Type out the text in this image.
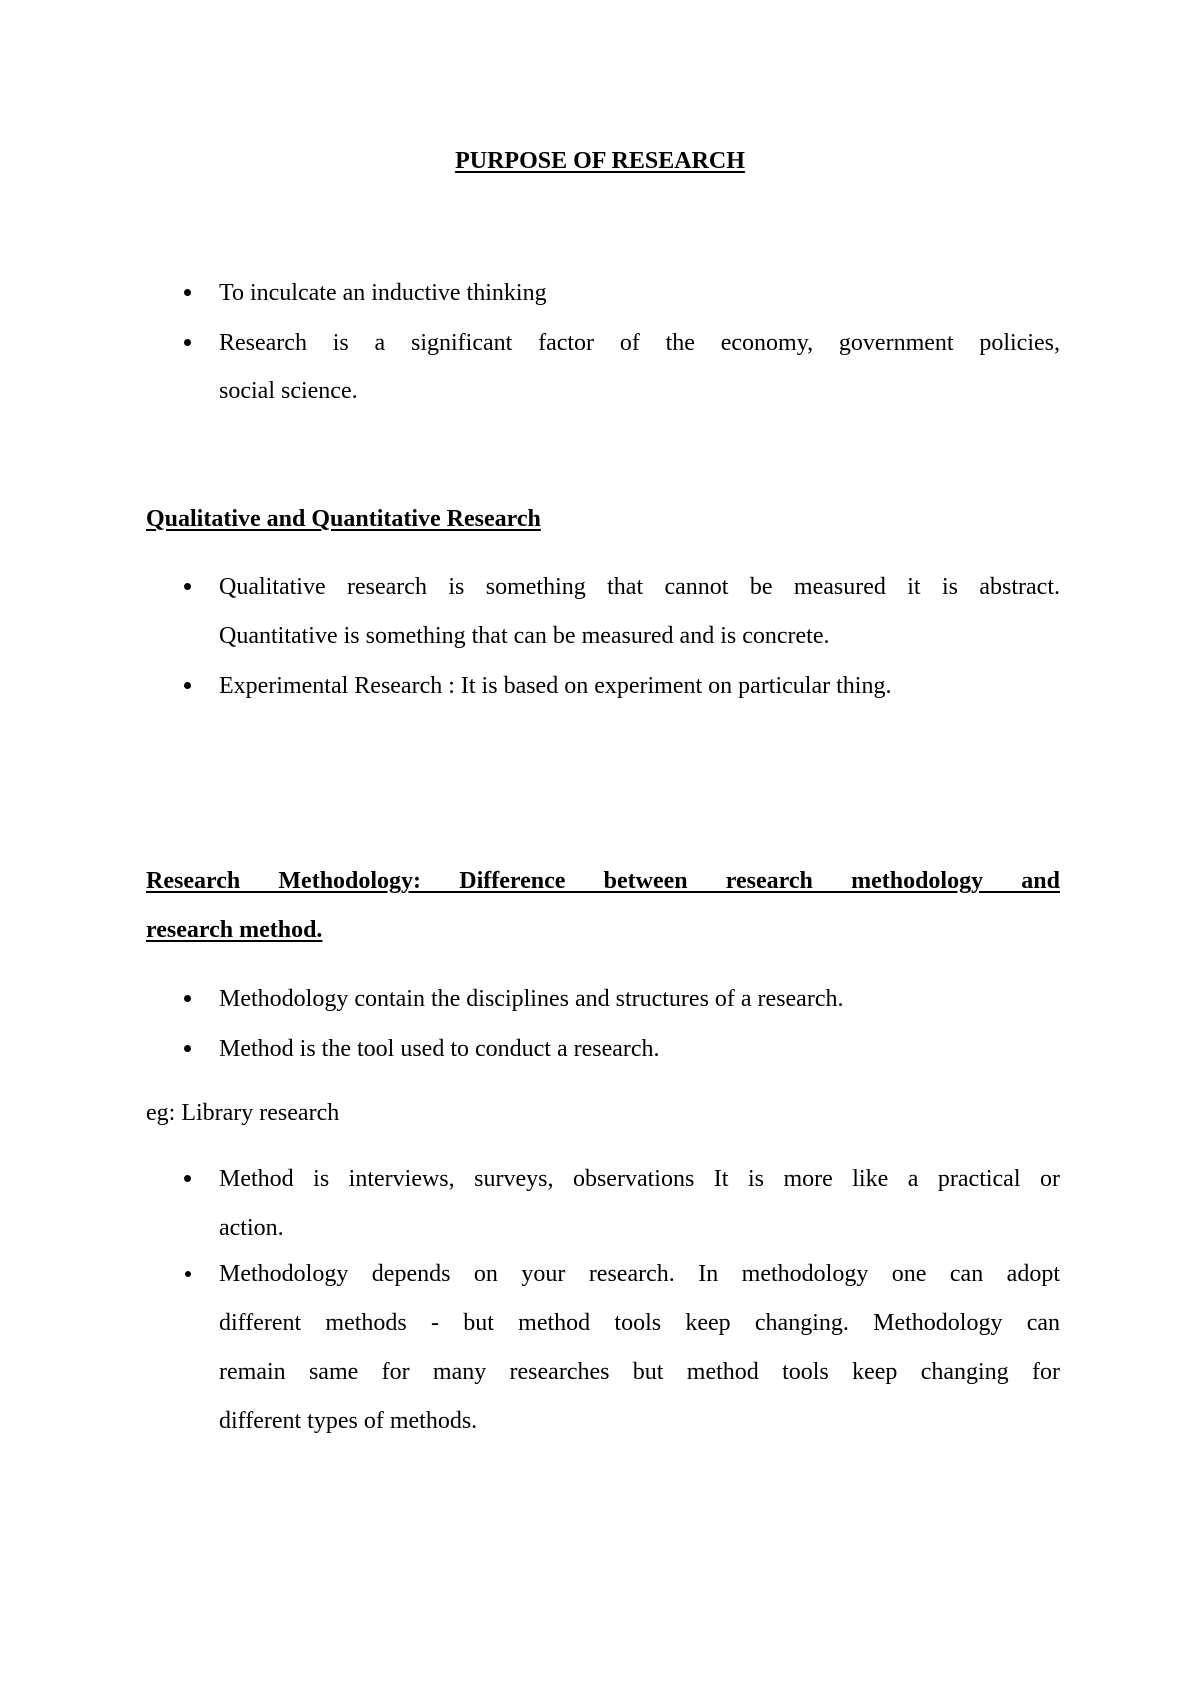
PURPOSE OF RESEARCH
To inculcate an inductive thinking
Research is a significant factor of the economy, government policies,
social science.
Qualitative and Quantitative Research
Qualitative research is something that cannot be measured it is abstract.
Quantitative is something that can be measured and is concrete.
Experimental Research : It is based on experiment on particular thing.
Research Methodology: Difference between research methodology and
research method.
Methodology contain the disciplines and structures of a research.
Method is the tool used to conduct a research.
eg: Library research
Method is interviews, surveys, observations It is more like a practical or
action.
Methodology depends on your research. In methodology one can adopt
different methods - but method tools keep changing. Methodology can
remain same for many researches but method tools keep changing for
different types of methods.
